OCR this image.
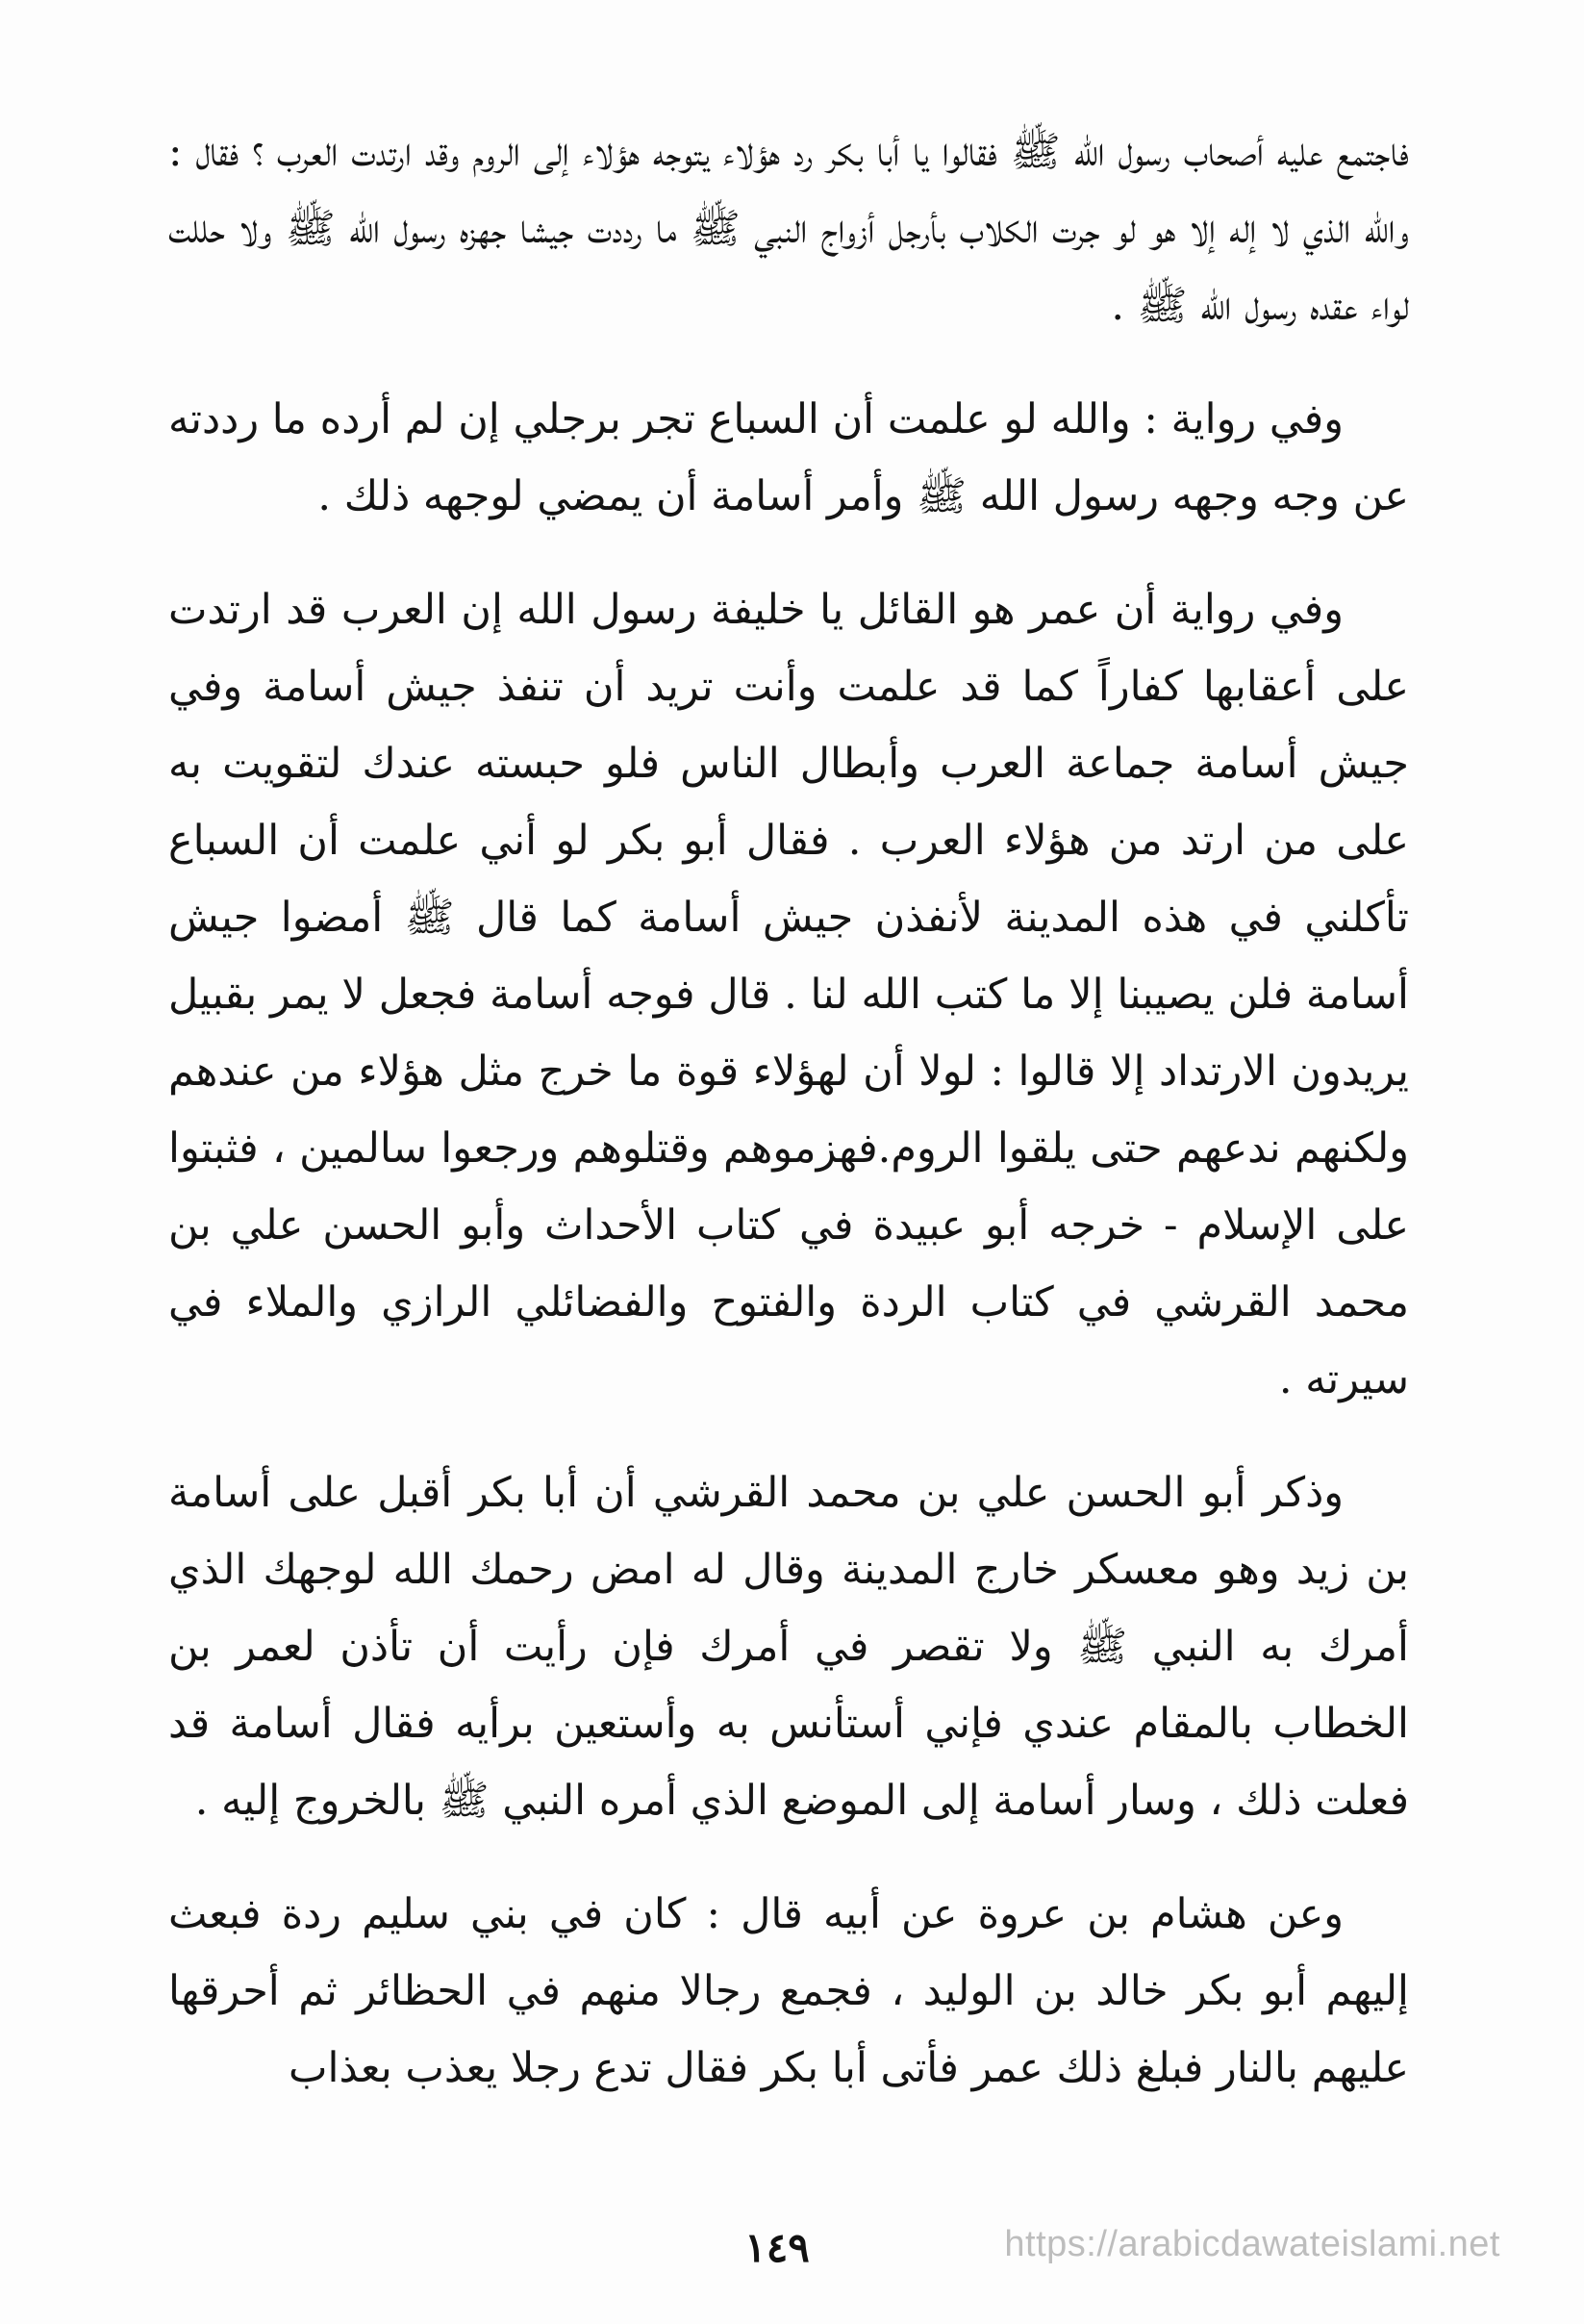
فاجتمع عليه أصحاب رسول الله ﷺ فقالوا يا أبا بكر رد هؤلاء يتوجه هؤلاء إلى الروم وقد ارتدت العرب ؟ فقال : والله الذي لا إله إلا هو لو جرت الكلاب بأرجل أزواج النبي ﷺ ما رددت جيشا جهزه رسول الله ﷺ ولا حللت لواء عقده رسول الله ﷺ .

وفي رواية : والله لو علمت أن السباع تجر برجلي إن لم أرده ما رددته عن وجه وجهه رسول الله ﷺ وأمر أسامة أن يمضي لوجهه ذلك .

وفي رواية أن عمر هو القائل يا خليفة رسول الله إن العرب قد ارتدت على أعقابها كفاراً كما قد علمت وأنت تريد أن تنفذ جيش أسامة وفي جيش أسامة جماعة العرب وأبطال الناس فلو حبسته عندك لتقويت به على من ارتد من هؤلاء العرب . فقال أبو بكر لو أني علمت أن السباع تأكلني في هذه المدينة لأنفذن جيش أسامة كما قال ﷺ أمضوا جيش أسامة فلن يصيبنا إلا ما كتب الله لنا . قال فوجه أسامة فجعل لا يمر بقبيل يريدون الارتداد إلا قالوا : لولا أن لهؤلاء قوة ما خرج مثل هؤلاء من عندهم ولكنهم ندعهم حتى يلقوا الروم.فهزموهم وقتلوهم ورجعوا سالمين ، فثبتوا على الإسلام - خرجه أبو عبيدة في كتاب الأحداث وأبو الحسن علي بن محمد القرشي في كتاب الردة والفتوح والفضائلي الرازي والملاء في سيرته .

وذكر أبو الحسن علي بن محمد القرشي أن أبا بكر أقبل على أسامة بن زيد وهو معسكر خارج المدينة وقال له امض رحمك الله لوجهك الذي أمرك به النبي ﷺ ولا تقصر في أمرك فإن رأيت أن تأذن لعمر بن الخطاب بالمقام عندي فإني أستأنس به وأستعين برأيه فقال أسامة قد فعلت ذلك ، وسار أسامة إلى الموضع الذي أمره النبي ﷺ بالخروج إليه .

وعن هشام بن عروة عن أبيه قال : كان في بني سليم ردة فبعث إليهم أبو بكر خالد بن الوليد ، فجمع رجالا منهم في الحظائر ثم أحرقها عليهم بالنار فبلغ ذلك عمر فأتى أبا بكر فقال تدع رجلا يعذب بعذاب

١٤٩	https://arabicdawateislami.net
